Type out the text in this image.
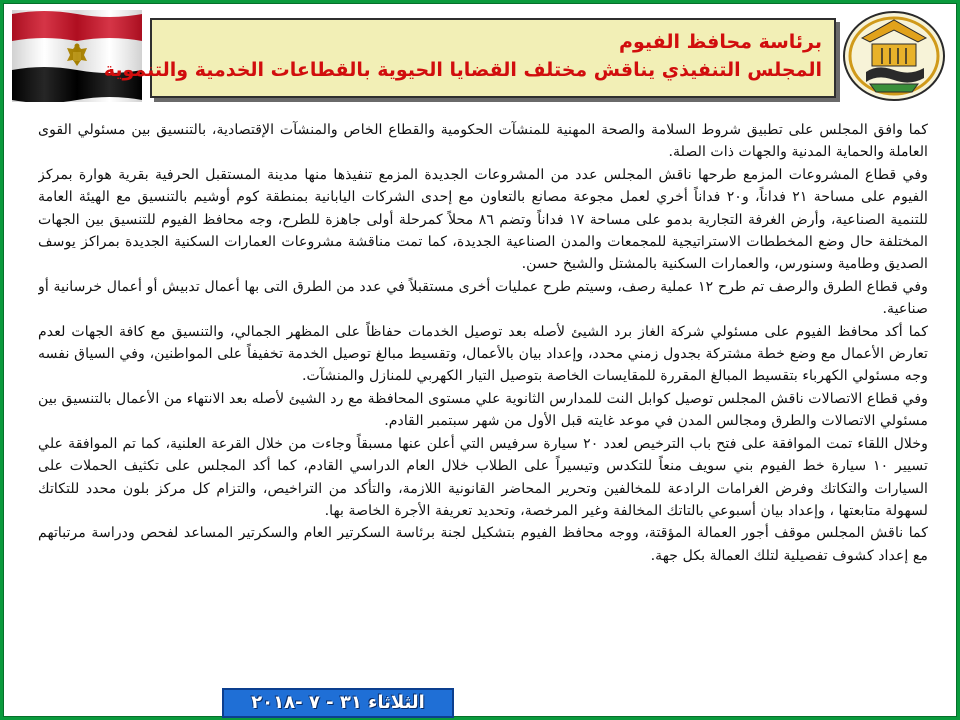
برئاسة محافظ الفيوم
المجلس التنفيذي يناقش مختلف القضايا الحيوية بالقطاعات الخدمية والتنموية

كما وافق المجلس على تطبيق شروط السلامة والصحة المهنية للمنشآت الحكومية والقطاع الخاص والمنشآت الإقتصادية، بالتنسيق بين مسئولي القوى العاملة والحماية المدنية والجهات ذات الصلة.

وفي قطاع المشروعات المزمع طرحها ناقش المجلس عدد من المشروعات الجديدة المزمع تنفيذها منها مدينة المستقبل الحرفية بقرية هوارة بمركز الفيوم على مساحة ٢١ فداناً، و٢٠ فداناً أخري لعمل مجوعة مصانع بالتعاون مع إحدى الشركات اليابانية بمنطقة كوم أوشيم بالتنسيق مع الهيئة العامة للتنمية الصناعية، وأرض الغرفة التجارية بدمو على مساحة ١٧ فداناً وتضم ٨٦ محلاً كمرحلة أولى جاهزة للطرح، وجه محافظ الفيوم للتنسيق بين الجهات المختلفة حال وضع المخططات الاستراتيجية للمجمعات والمدن الصناعية الجديدة، كما تمت مناقشة مشروعات العمارات السكنية الجديدة بمراكز يوسف الصديق وطامية وسنورس، والعمارات السكنية بالمشتل والشيخ حسن.

وفي قطاع الطرق والرصف تم طرح ١٢ عملية رصف، وسيتم طرح عمليات أخرى مستقبلاً في عدد من الطرق التى بها أعمال تدبيش أو أعمال خرسانية أو صناعية.

كما أكد محافظ الفيوم على مسئولي شركة الغاز برد الشيئ لأصله بعد توصيل الخدمات حفاظاً على المظهر الجمالي، والتنسيق مع كافة الجهات لعدم تعارض الأعمال مع وضع خطة مشتركة بجدول زمني محدد، وإعداد بيان بالأعمال، وتقسيط مبالغ توصيل الخدمة تخفيفاً على المواطنين، وفي السياق نفسه وجه مسئولي الكهرباء بتقسيط المبالغ المقررة للمقايسات الخاصة بتوصيل التيار الكهربي للمنازل والمنشآت.

وفي قطاع الاتصالات ناقش المجلس توصيل كوابل النت للمدارس الثانوية علي مستوى المحافظة مع رد الشيئ لأصله بعد الانتهاء من الأعمال بالتنسيق بين مسئولي الاتصالات والطرق ومجالس المدن في موعد غايته قبل الأول من شهر سبتمبر القادم.

وخلال اللقاء تمت الموافقة على فتح باب الترخيص لعدد ٢٠ سيارة سرفيس التي أعلن عنها مسبقاً وجاءت من خلال القرعة العلنية، كما تم الموافقة علي تسيير ١٠ سيارة خط الفيوم بني سويف منعاً للتكدس وتيسيراً على الطلاب خلال العام الدراسي القادم، كما أكد المجلس على تكثيف الحملات على السيارات والتكاتك وفرض الغرامات الرادعة للمخالفين وتحرير المحاضر القانونية اللازمة، والتأكد من التراخيص، والتزام كل مركز بلون محدد للتكاتك لسهولة متابعتها ، وإعداد بيان أسبوعي بالتاتك المخالفة وغير المرخصة، وتحديد تعريفة الأجرة الخاصة بها.

كما ناقش المجلس موقف أجور العمالة المؤقتة، ووجه محافظ الفيوم بتشكيل لجنة برئاسة السكرتير العام والسكرتير المساعد لفحص ودراسة مرتباتهم مع إعداد كشوف تفصيلية لتلك العمالة بكل جهة.

الثلاثاء ٣١ - ٧ -٢٠١٨
